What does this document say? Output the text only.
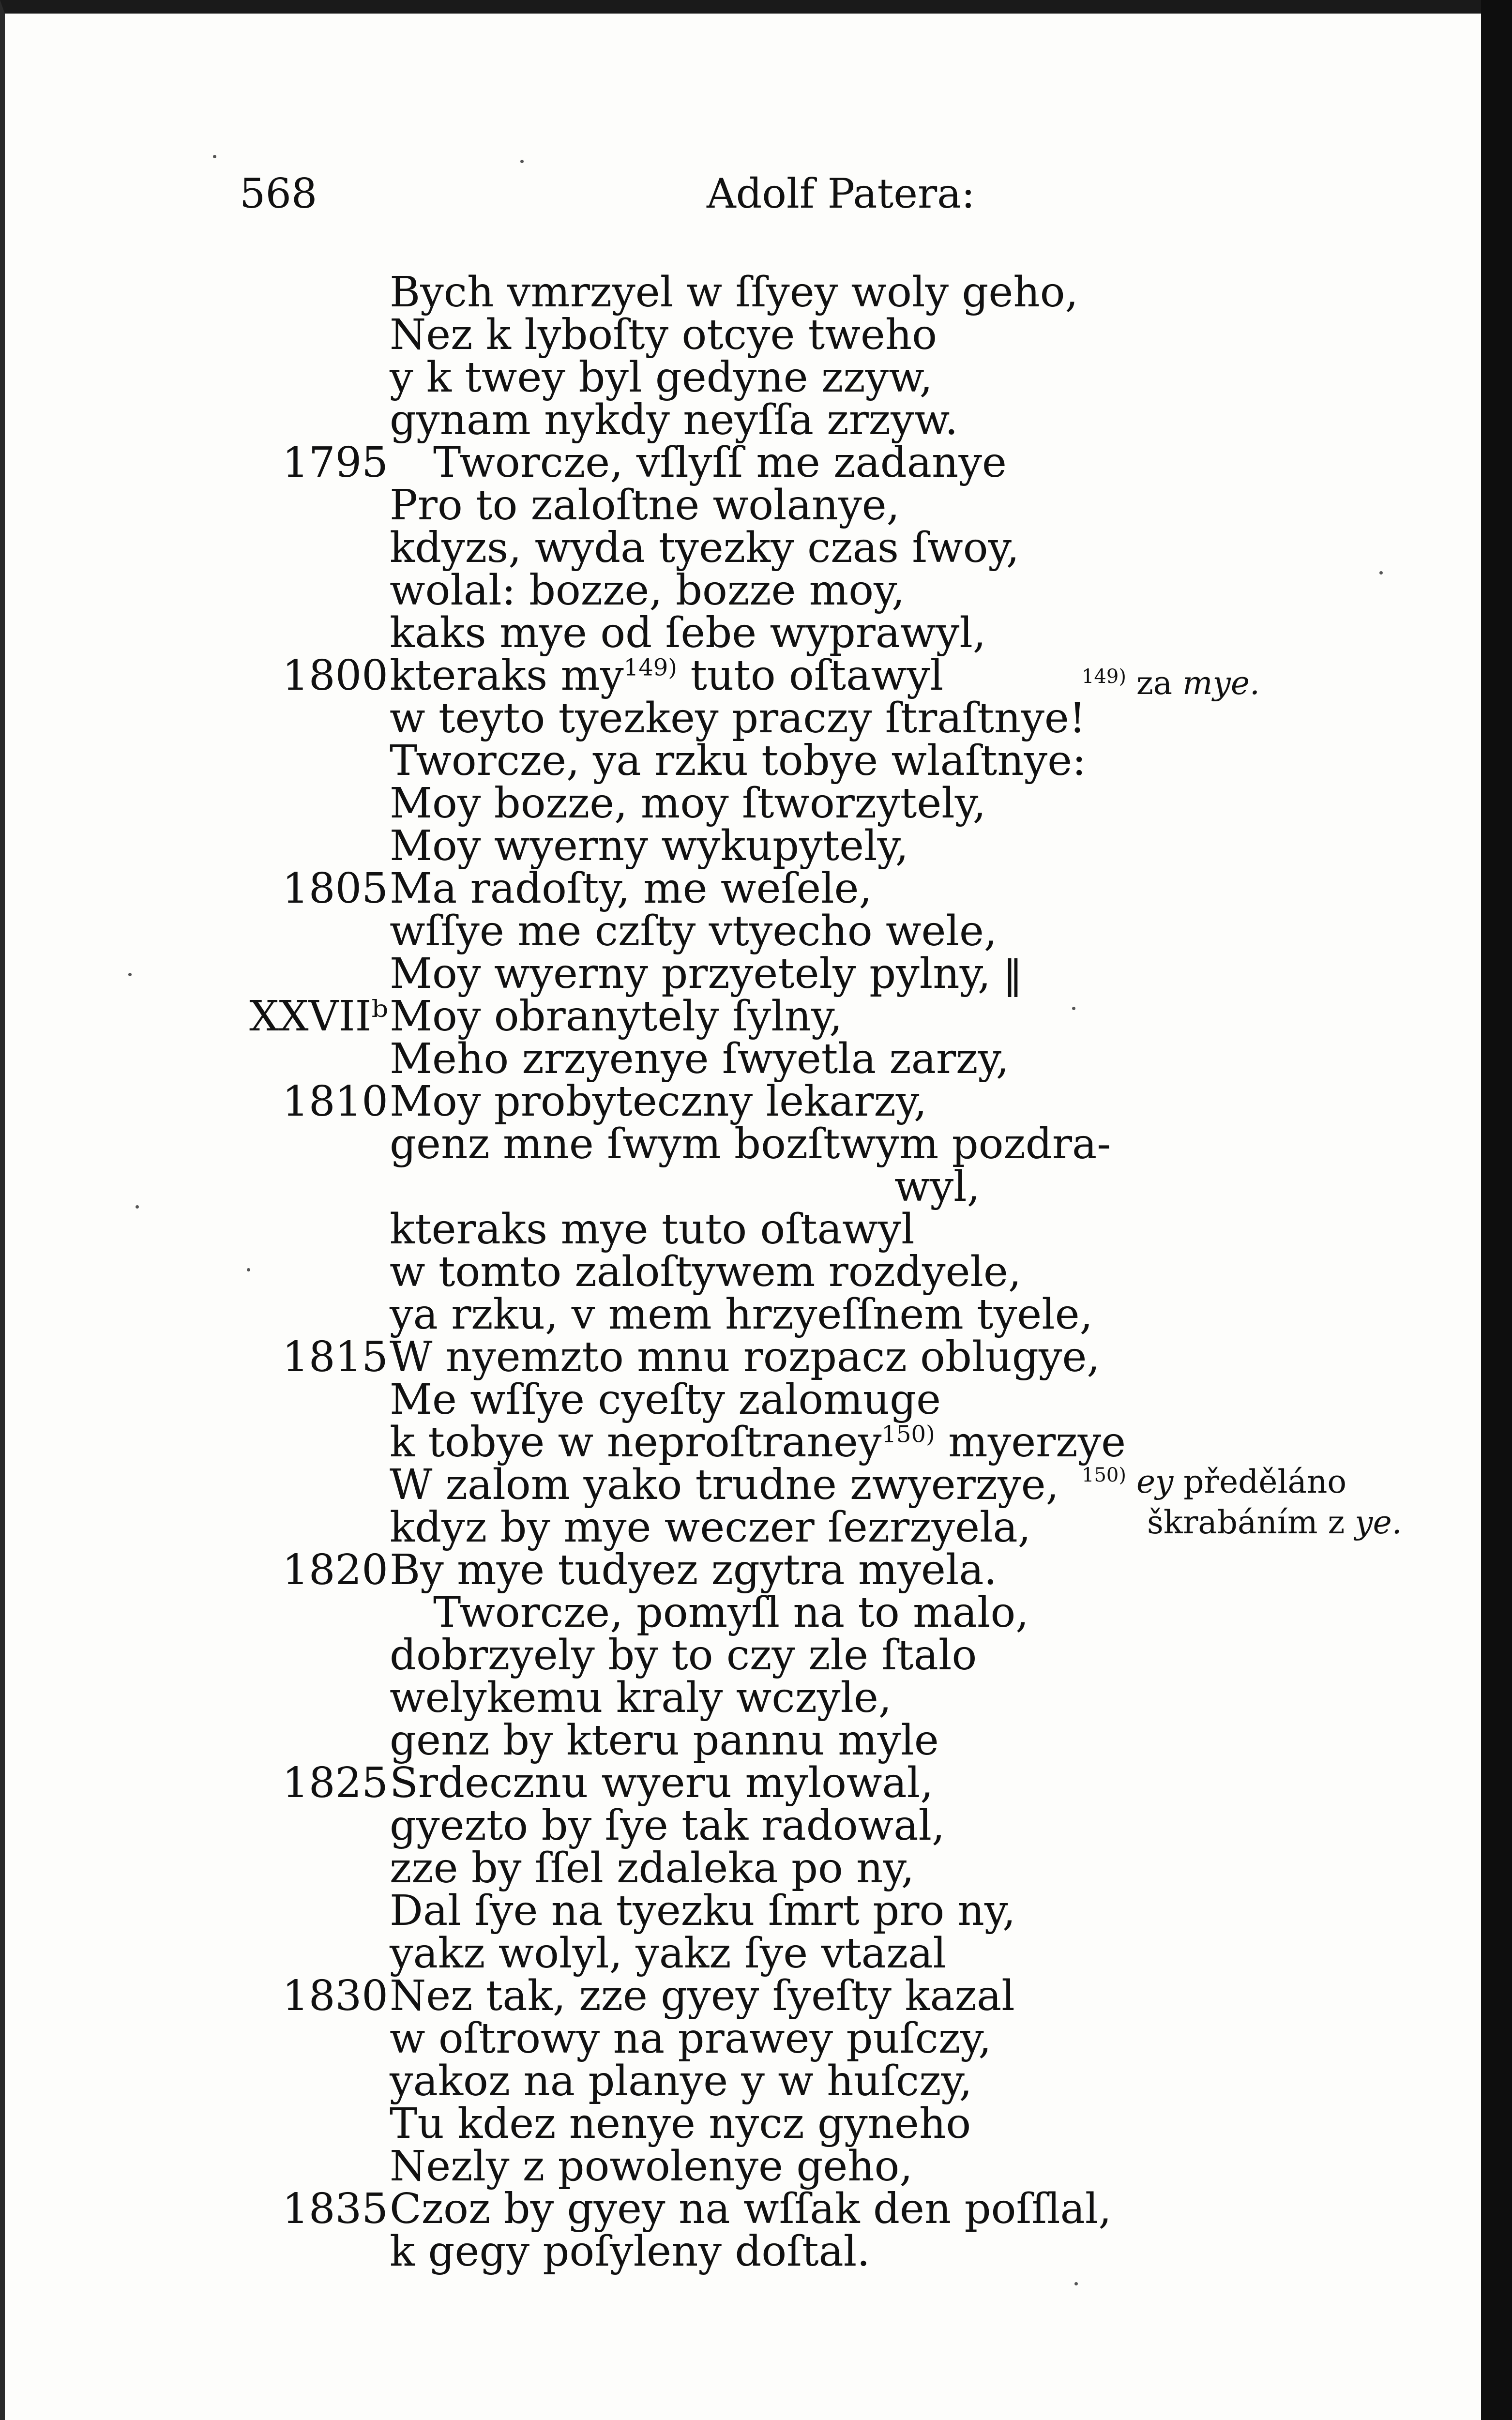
568	Adolf Patera:
Bych vmrzyel w ſſyey woly geho,
Nez k lyboſty otcye tweho
y k twey byl gedyne zzyw,
gynam nykdy neyſſa zrzyw.
1795 Tworcze, vſlyſſ me zadanye
Pro to zaloſtne wolanye,
kdyzs, wyda tyezky czas ſwoy,
wolal: bozze, bozze moy,
kaks mye od ſebe wyprawyl,
1800 kteraks $my^{149)}$ tuto oſtawyl
w teyto tyezkey praczy ſtraſtnye!
Tworcze, ya rzku tobye wlaſtnye:
Moy bozze, moy ſtworzytely,
Moy wyerny wykupytely,
1805 Ma radoſty, me weſele,
wſſye me czſty vtyecho wele,
Moy wyerny przyetely pylny, ‖
XXVIIᵇ Moy obranytely ſylny,
Meho zrzyenye ſwyetla zarzy,
1810 Moy probyteczny lekarzy,
genz mne ſwym bozſtwym pozdra-
wyl,
kteraks mye tuto oſtawyl
w tomto zaloſtywem rozdyele,
ya rzku, v mem hrzyeſſnem tyele,
1815 W nyemzto mnu rozpacz oblugye,
Me wſſye cyeſty zalomuge
k tobye w neproſtraney$^{150)}$ myerzye
W zalom yako trudne zwyerzye,
kdyz by mye weczer ſezrzyela,
1820 By mye tudyez zgytra myela.
Tworcze, pomyſl na to malo,
dobrzyely by to czy zle ſtalo
welykemu kraly wczyle,
genz by kteru pannu myle
1825 Srdecznu wyeru mylowal,
gyezto by ſye tak radowal,
zze by ſſel zdaleka po ny,
Dal ſye na tyezku ſmrt pro ny,
yakz wolyl, yakz ſye vtazal
1830 Nez tak, zze gyey ſyeſty kazal
w oſtrowy na prawey puſczy,
yakoz na planye y w huſczy,
Tu kdez nenye nycz gyneho
Nezly z powolenye geho,
1835 Czoz by gyey na wſſak den poſſlal,
k gegy poſyleny doſtal.
$^{149)}$ za mye.
$^{150)}$ ey předěláno
škrabáním z ye.
